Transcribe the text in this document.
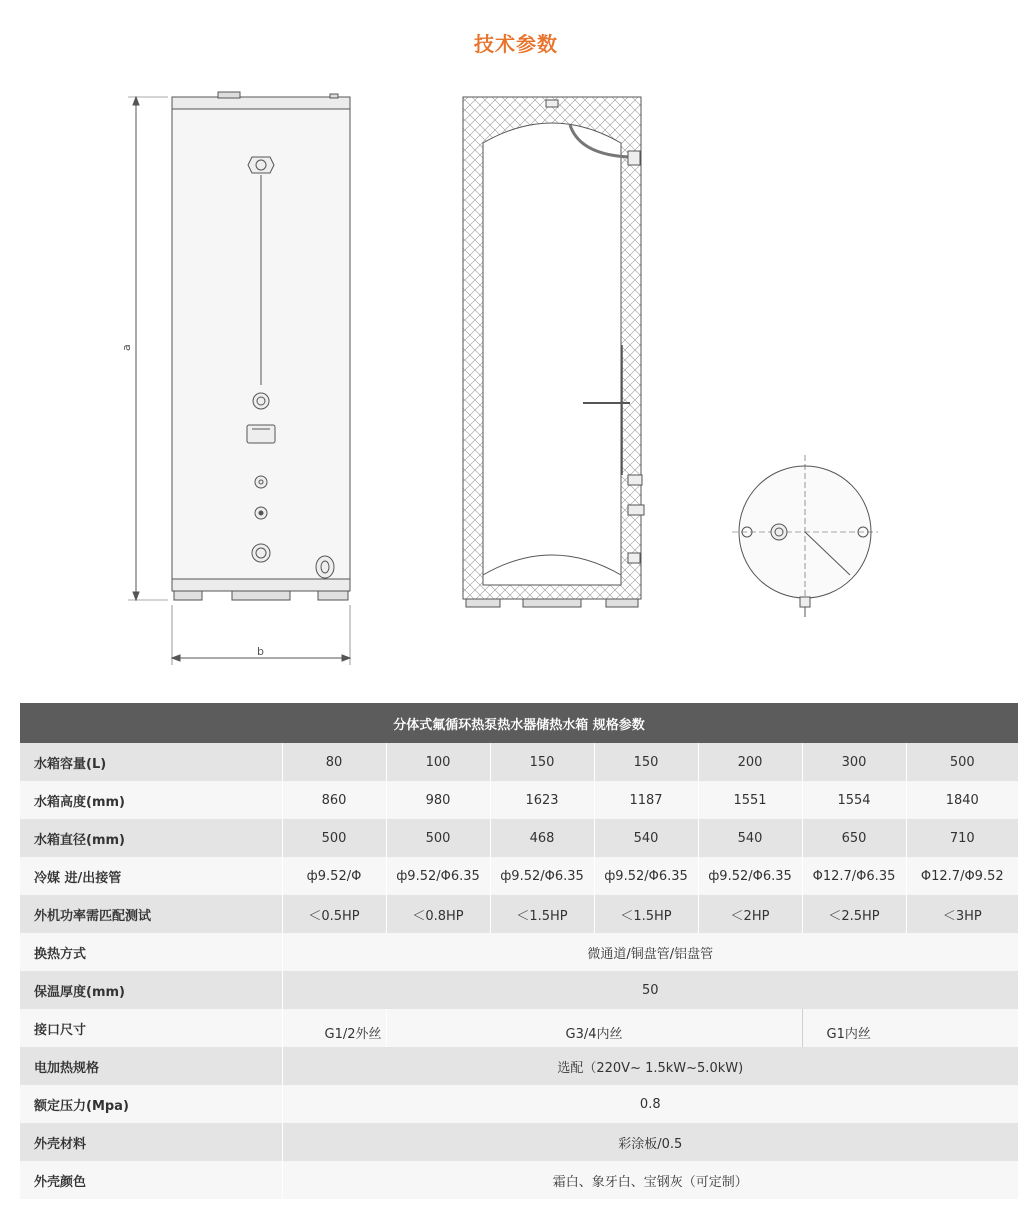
技术参数
a
b
分体式氟循环热泵热水器储热水箱 规格参数							
水箱容量(L)	80	100	150	150	200	300	500
水箱高度(mm)	860	980	1623	1187	1551	1554	1840
水箱直径(mm)	500	500	468	540	540	650	710
冷媒 进/出接管	ф9.52/Φ	ф9.52/Φ6.35	ф9.52/Φ6.35	ф9.52/Φ6.35	ф9.52/Φ6.35	Φ12.7/Φ6.35	Φ12.7/Φ9.52
外机功率需匹配测试	＜0.5HP	＜0.8HP	＜1.5HP	＜1.5HP	＜2HP	＜2.5HP	＜3HP
换热方式	微通道/铜盘管/铝盘管						
保温厚度(mm)	50						
接口尺寸	G1/2外丝	G3/4内丝				G1内丝	
电加热规格	选配（220V~ 1.5kW~5.0kW)						
额定压力(Mpa)	0.8						
外壳材料	彩涂板/0.5						
外壳颜色	霜白、象牙白、宝钢灰（可定制）						
